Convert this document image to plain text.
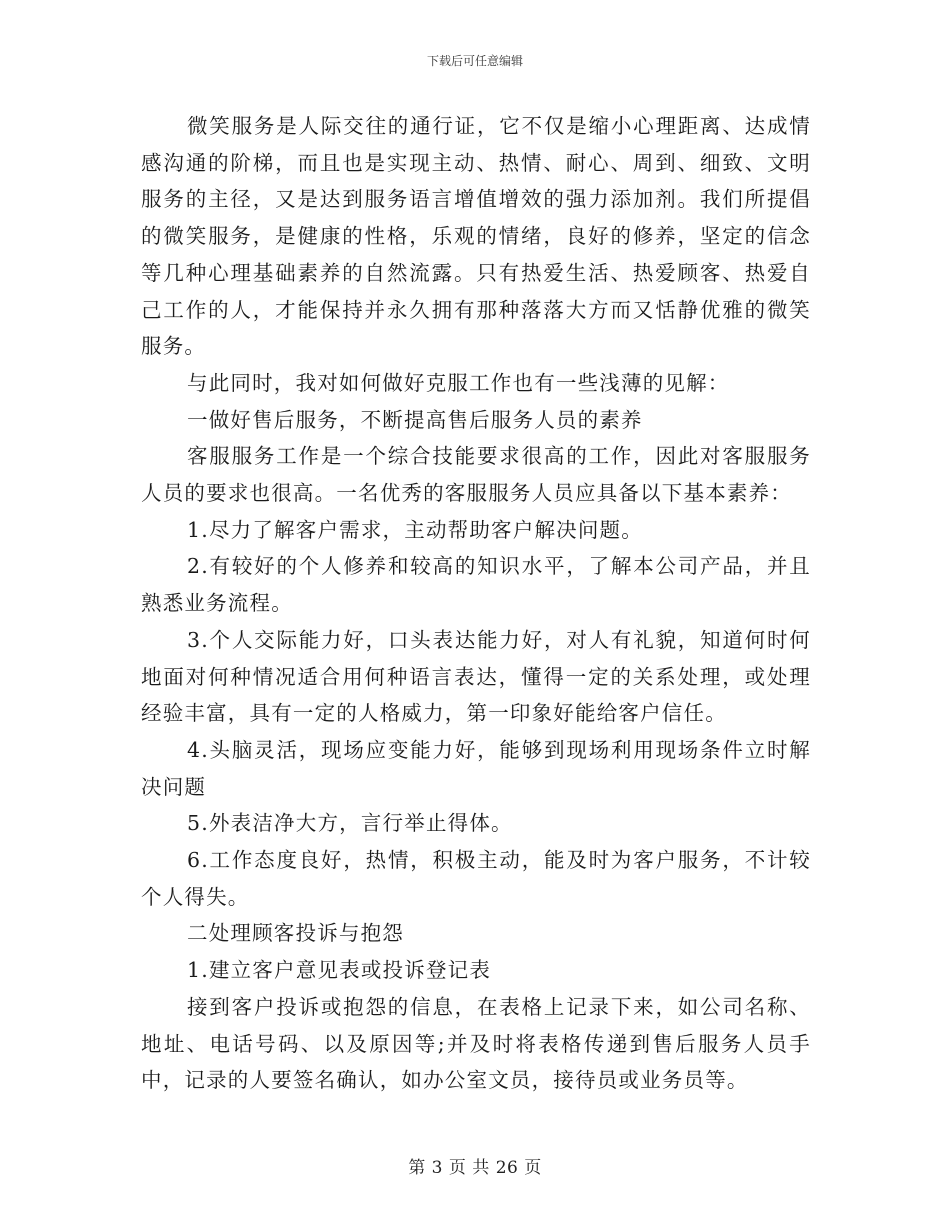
下载后可任意编辑

微笑服务是人际交往的通行证，它不仅是缩小心理距离、达成情感沟通的阶梯，而且也是实现主动、热情、耐心、周到、细致、文明服务的主径，又是达到服务语言增值增效的强力添加剂。我们所提倡的微笑服务，是健康的性格，乐观的情绪，良好的修养，坚定的信念等几种心理基础素养的自然流露。只有热爱生活、热爱顾客、热爱自己工作的人，才能保持并永久拥有那种落落大方而又恬静优雅的微笑服务。

与此同时，我对如何做好克服工作也有一些浅薄的见解：

一做好售后服务，不断提高售后服务人员的素养

客服服务工作是一个综合技能要求很高的工作，因此对客服服务人员的要求也很高。一名优秀的客服服务人员应具备以下基本素养：

1.尽力了解客户需求，主动帮助客户解决问题。

2.有较好的个人修养和较高的知识水平，了解本公司产品，并且熟悉业务流程。

3.个人交际能力好，口头表达能力好，对人有礼貌，知道何时何地面对何种情况适合用何种语言表达，懂得一定的关系处理，或处理经验丰富，具有一定的人格威力，第一印象好能给客户信任。

4.头脑灵活，现场应变能力好，能够到现场利用现场条件立时解决问题

5.外表洁净大方，言行举止得体。

6.工作态度良好，热情，积极主动，能及时为客户服务，不计较个人得失。

二处理顾客投诉与抱怨

1.建立客户意见表或投诉登记表

接到客户投诉或抱怨的信息，在表格上记录下来，如公司名称、地址、电话号码、以及原因等;并及时将表格传递到售后服务人员手中，记录的人要签名确认，如办公室文员，接待员或业务员等。

第 3 页 共 26 页
